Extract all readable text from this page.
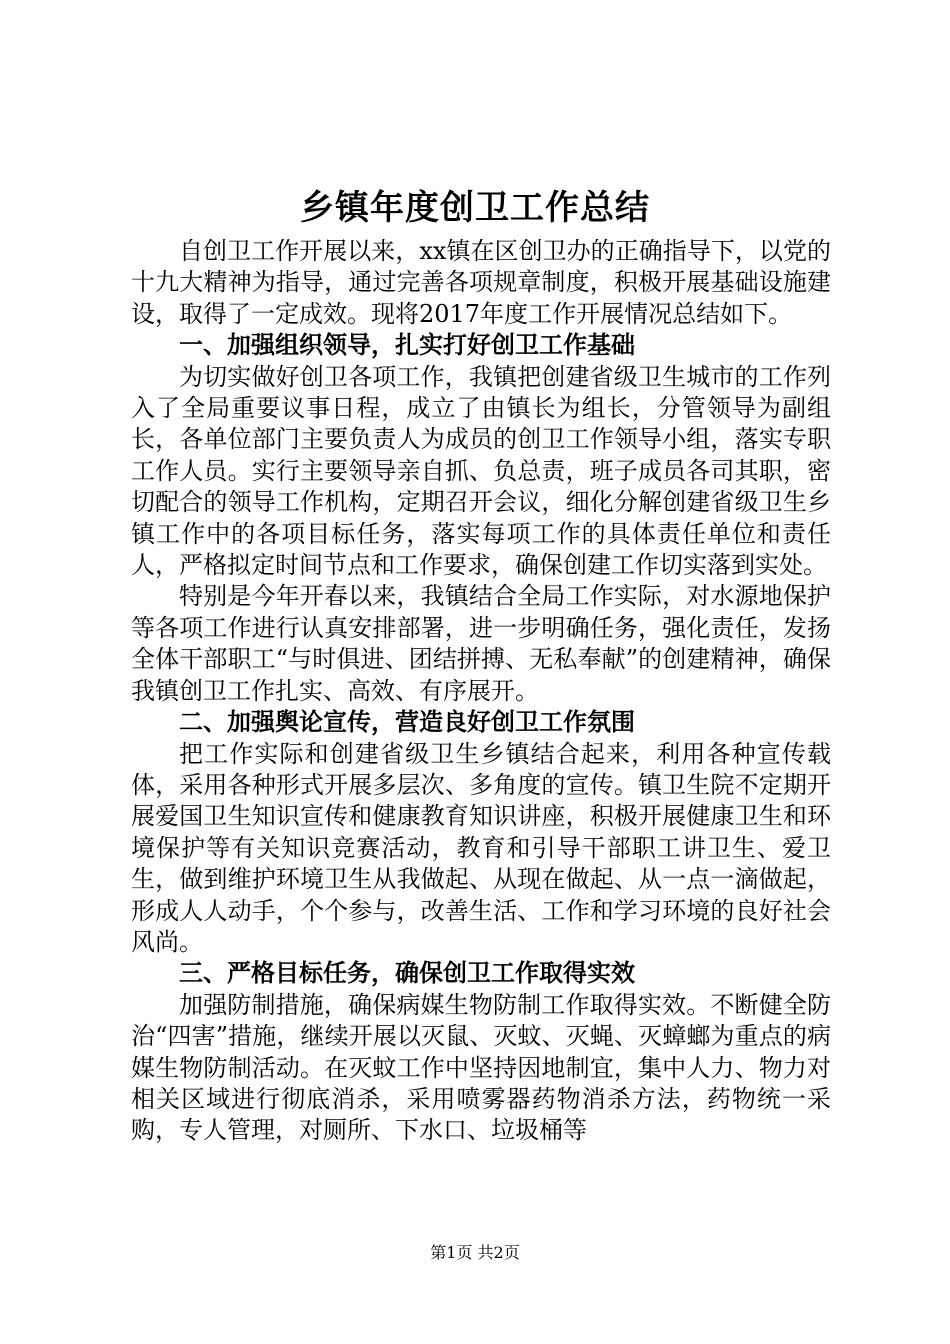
乡镇年度创卫工作总结

自创卫工作开展以来，xx镇在区创卫办的正确指导下，以党的十九大精神为指导，通过完善各项规章制度，积极开展基础设施建设，取得了一定成效。现将2017年度工作开展情况总结如下。

一、加强组织领导，扎实打好创卫工作基础

为切实做好创卫各项工作，我镇把创建省级卫生城市的工作列入了全局重要议事日程，成立了由镇长为组长，分管领导为副组长，各单位部门主要负责人为成员的创卫工作领导小组，落实专职工作人员。实行主要领导亲自抓、负总责，班子成员各司其职，密切配合的领导工作机构，定期召开会议，细化分解创建省级卫生乡镇工作中的各项目标任务，落实每项工作的具体责任单位和责任人，严格拟定时间节点和工作要求，确保创建工作切实落到实处。

特别是今年开春以来，我镇结合全局工作实际，对水源地保护等各项工作进行认真安排部署，进一步明确任务，强化责任，发扬全体干部职工“与时俱进、团结拼搏、无私奉献”的创建精神，确保我镇创卫工作扎实、高效、有序展开。

二、加强舆论宣传，营造良好创卫工作氛围

把工作实际和创建省级卫生乡镇结合起来，利用各种宣传载体，采用各种形式开展多层次、多角度的宣传。镇卫生院不定期开展爱国卫生知识宣传和健康教育知识讲座，积极开展健康卫生和环境保护等有关知识竞赛活动，教育和引导干部职工讲卫生、爱卫生，做到维护环境卫生从我做起、从现在做起、从一点一滴做起，形成人人动手，个个参与，改善生活、工作和学习环境的良好社会风尚。

三、严格目标任务，确保创卫工作取得实效

加强防制措施，确保病媒生物防制工作取得实效。不断健全防治“四害”措施，继续开展以灭鼠、灭蚊、灭蝇、灭蟑螂为重点的病媒生物防制活动。在灭蚊工作中坚持因地制宜，集中人力、物力对相关区域进行彻底消杀，采用喷雾器药物消杀方法，药物统一采购，专人管理，对厕所、下水口、垃圾桶等

第1页 共2页
